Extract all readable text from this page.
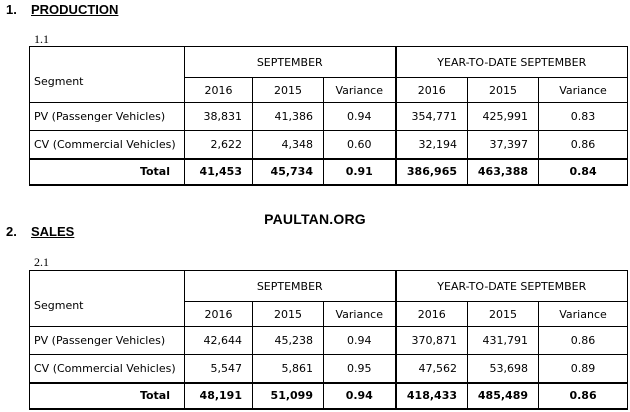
1. PRODUCTION
1.1
Segment	SEPTEMBER			YEAR-TO-DATE SEPTEMBER		
	2016	2015	Variance	2016	2015	Variance
PV (Passenger Vehicles)	38,831	41,386	0.94	354,771	425,991	0.83
CV (Commercial Vehicles)	2,622	4,348	0.60	32,194	37,397	0.86
Total	41,453	45,734	0.91	386,965	463,388	0.84
PAULTAN.ORG
2. SALES
2.1
Segment	SEPTEMBER			YEAR-TO-DATE SEPTEMBER		
	2016	2015	Variance	2016	2015	Variance
PV (Passenger Vehicles)	42,644	45,238	0.94	370,871	431,791	0.86
CV (Commercial Vehicles)	5,547	5,861	0.95	47,562	53,698	0.89
Total	48,191	51,099	0.94	418,433	485,489	0.86
